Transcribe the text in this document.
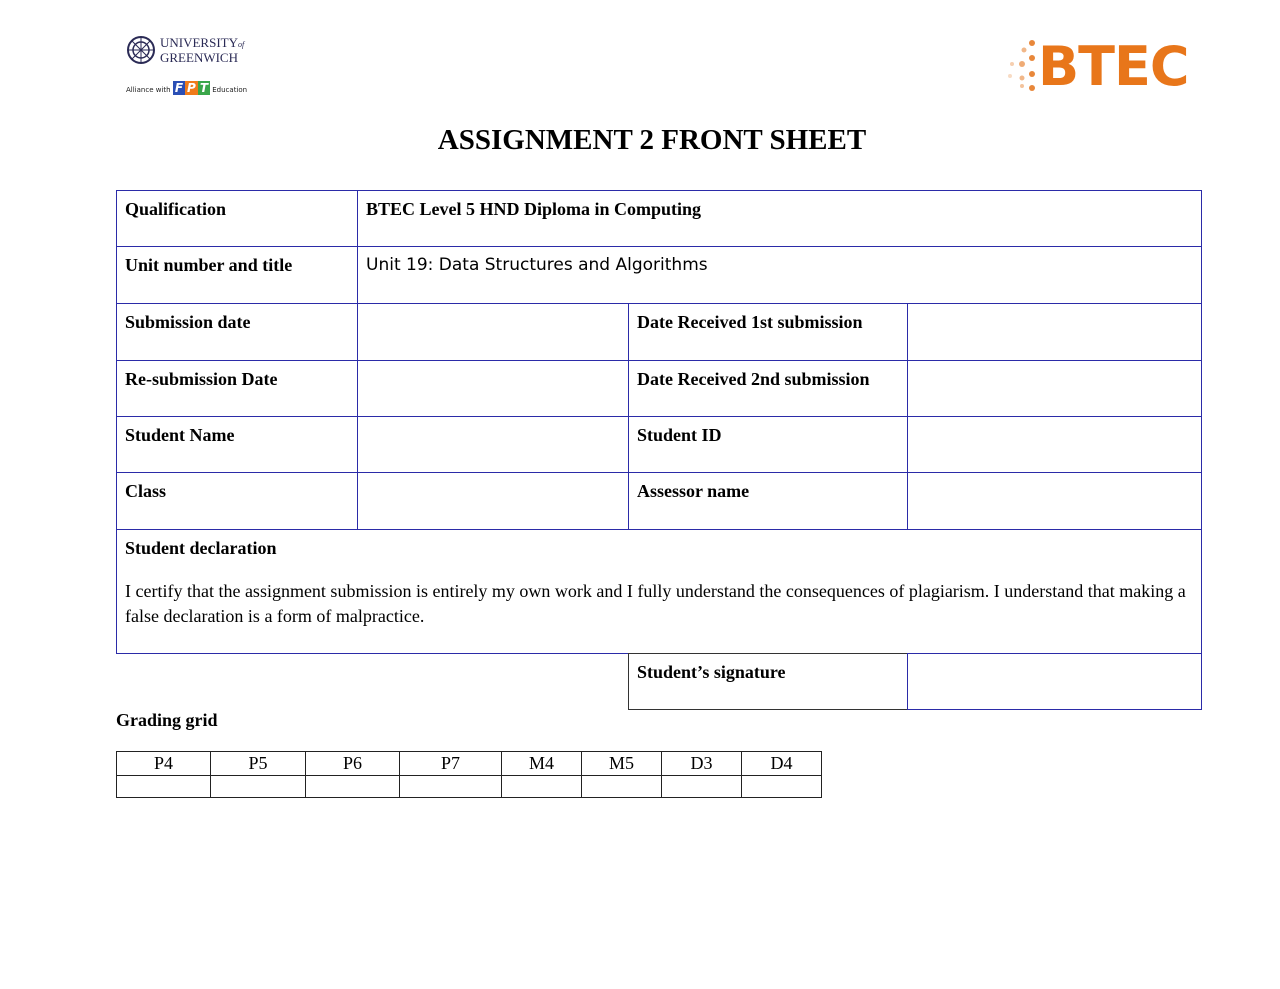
UNIVERSITYof
GREENWICH
Alliance with F P T Education	BTEC
ASSIGNMENT 2 FRONT SHEET
Qualification	BTEC Level 5 HND Diploma in Computing
Unit number and title	Unit 19: Data Structures and Algorithms
Submission date	Date Received 1st submission
Re-submission Date	Date Received 2nd submission
Student Name	Student ID
Class	Assessor name
Student declaration
I certify that the assignment submission is entirely my own work and I fully understand the consequences of plagiarism. I understand that making a false declaration is a form of malpractice.
Student’s signature
Grading grid
P4	P5	P6	P7	M4	M5	D3	D4
